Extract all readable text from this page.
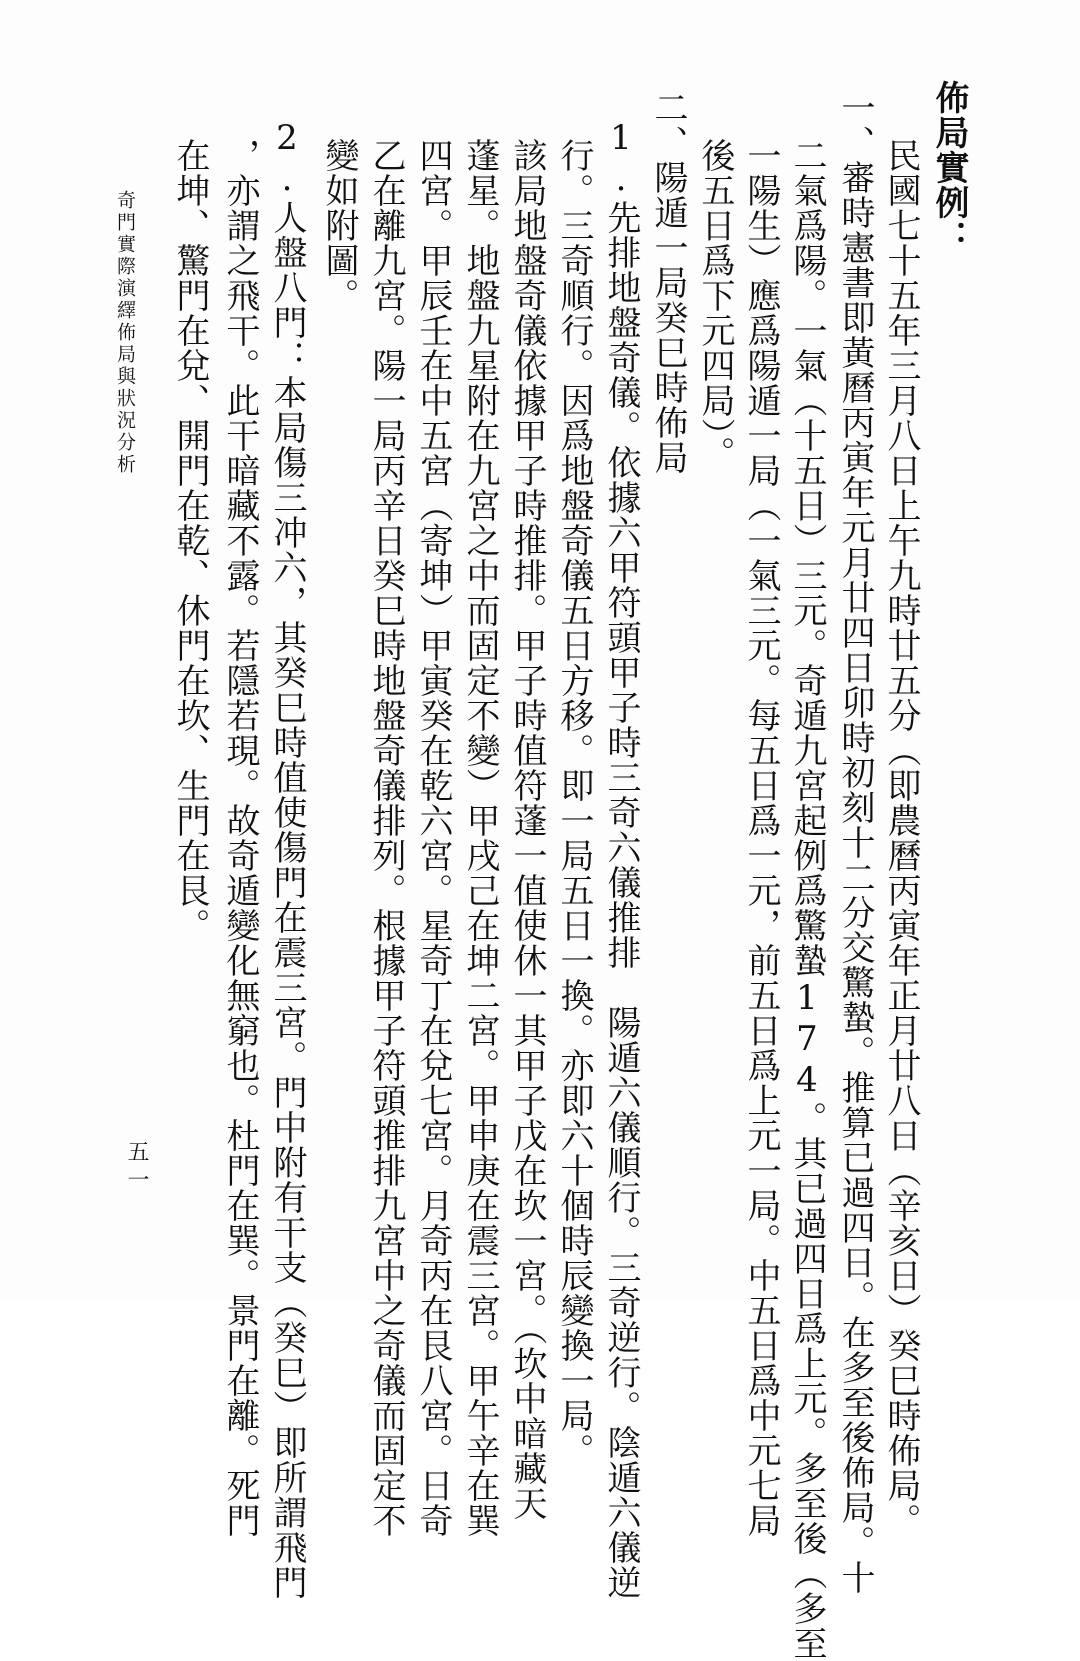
佈局實例：
民國七十五年三月八日上午九時廿五分（即農曆丙寅年正月廿八日（辛亥日）癸巳時佈局。
一、審時憲書即黃曆丙寅年元月廿四日卯時初刻十二分交驚蟄。推算已過四日。在多至後佈局。十
二氣爲陽。一氣（十五日）三元。奇遁九宮起例爲驚蟄174。其已過四日爲上元。多至後（多至
一陽生）應爲陽遁一局（一氣三元。每五日爲一元，前五日爲上元一局。中五日爲中元七局
後五日爲下元四局）。
二、陽遁一局癸巳時佈局
1.先排地盤奇儀。依據六甲符頭甲子時三奇六儀推排　陽遁六儀順行。三奇逆行。陰遁六儀逆
行。三奇順行。因爲地盤奇儀五日方移。即一局五日一換。亦即六十個時辰變換一局。
該局地盤奇儀依據甲子時推排。甲子時值符蓬一值使休一其甲子戊在坎一宮。（坎中暗藏天
蓬星。地盤九星附在九宮之中而固定不變）甲戌己在坤二宮。甲申庚在震三宮。甲午辛在巽
四宮。甲辰壬在中五宮（寄坤）甲寅癸在乾六宮。星奇丁在兌七宮。月奇丙在艮八宮。日奇
乙在離九宮。陽一局丙辛日癸巳時地盤奇儀排列。根據甲子符頭推排九宮中之奇儀而固定不
變如附圖。
2.人盤八門：本局傷三冲六，其癸巳時值使傷門在震三宮。門中附有干支（癸巳）即所謂飛門
，亦謂之飛干。此干暗藏不露。若隱若現。故奇遁變化無窮也。杜門在巽。景門在離。死門
在坤、驚門在兌、開門在乾、休門在坎、生門在艮。
奇門實際演繹佈局與狀況分析
五一
